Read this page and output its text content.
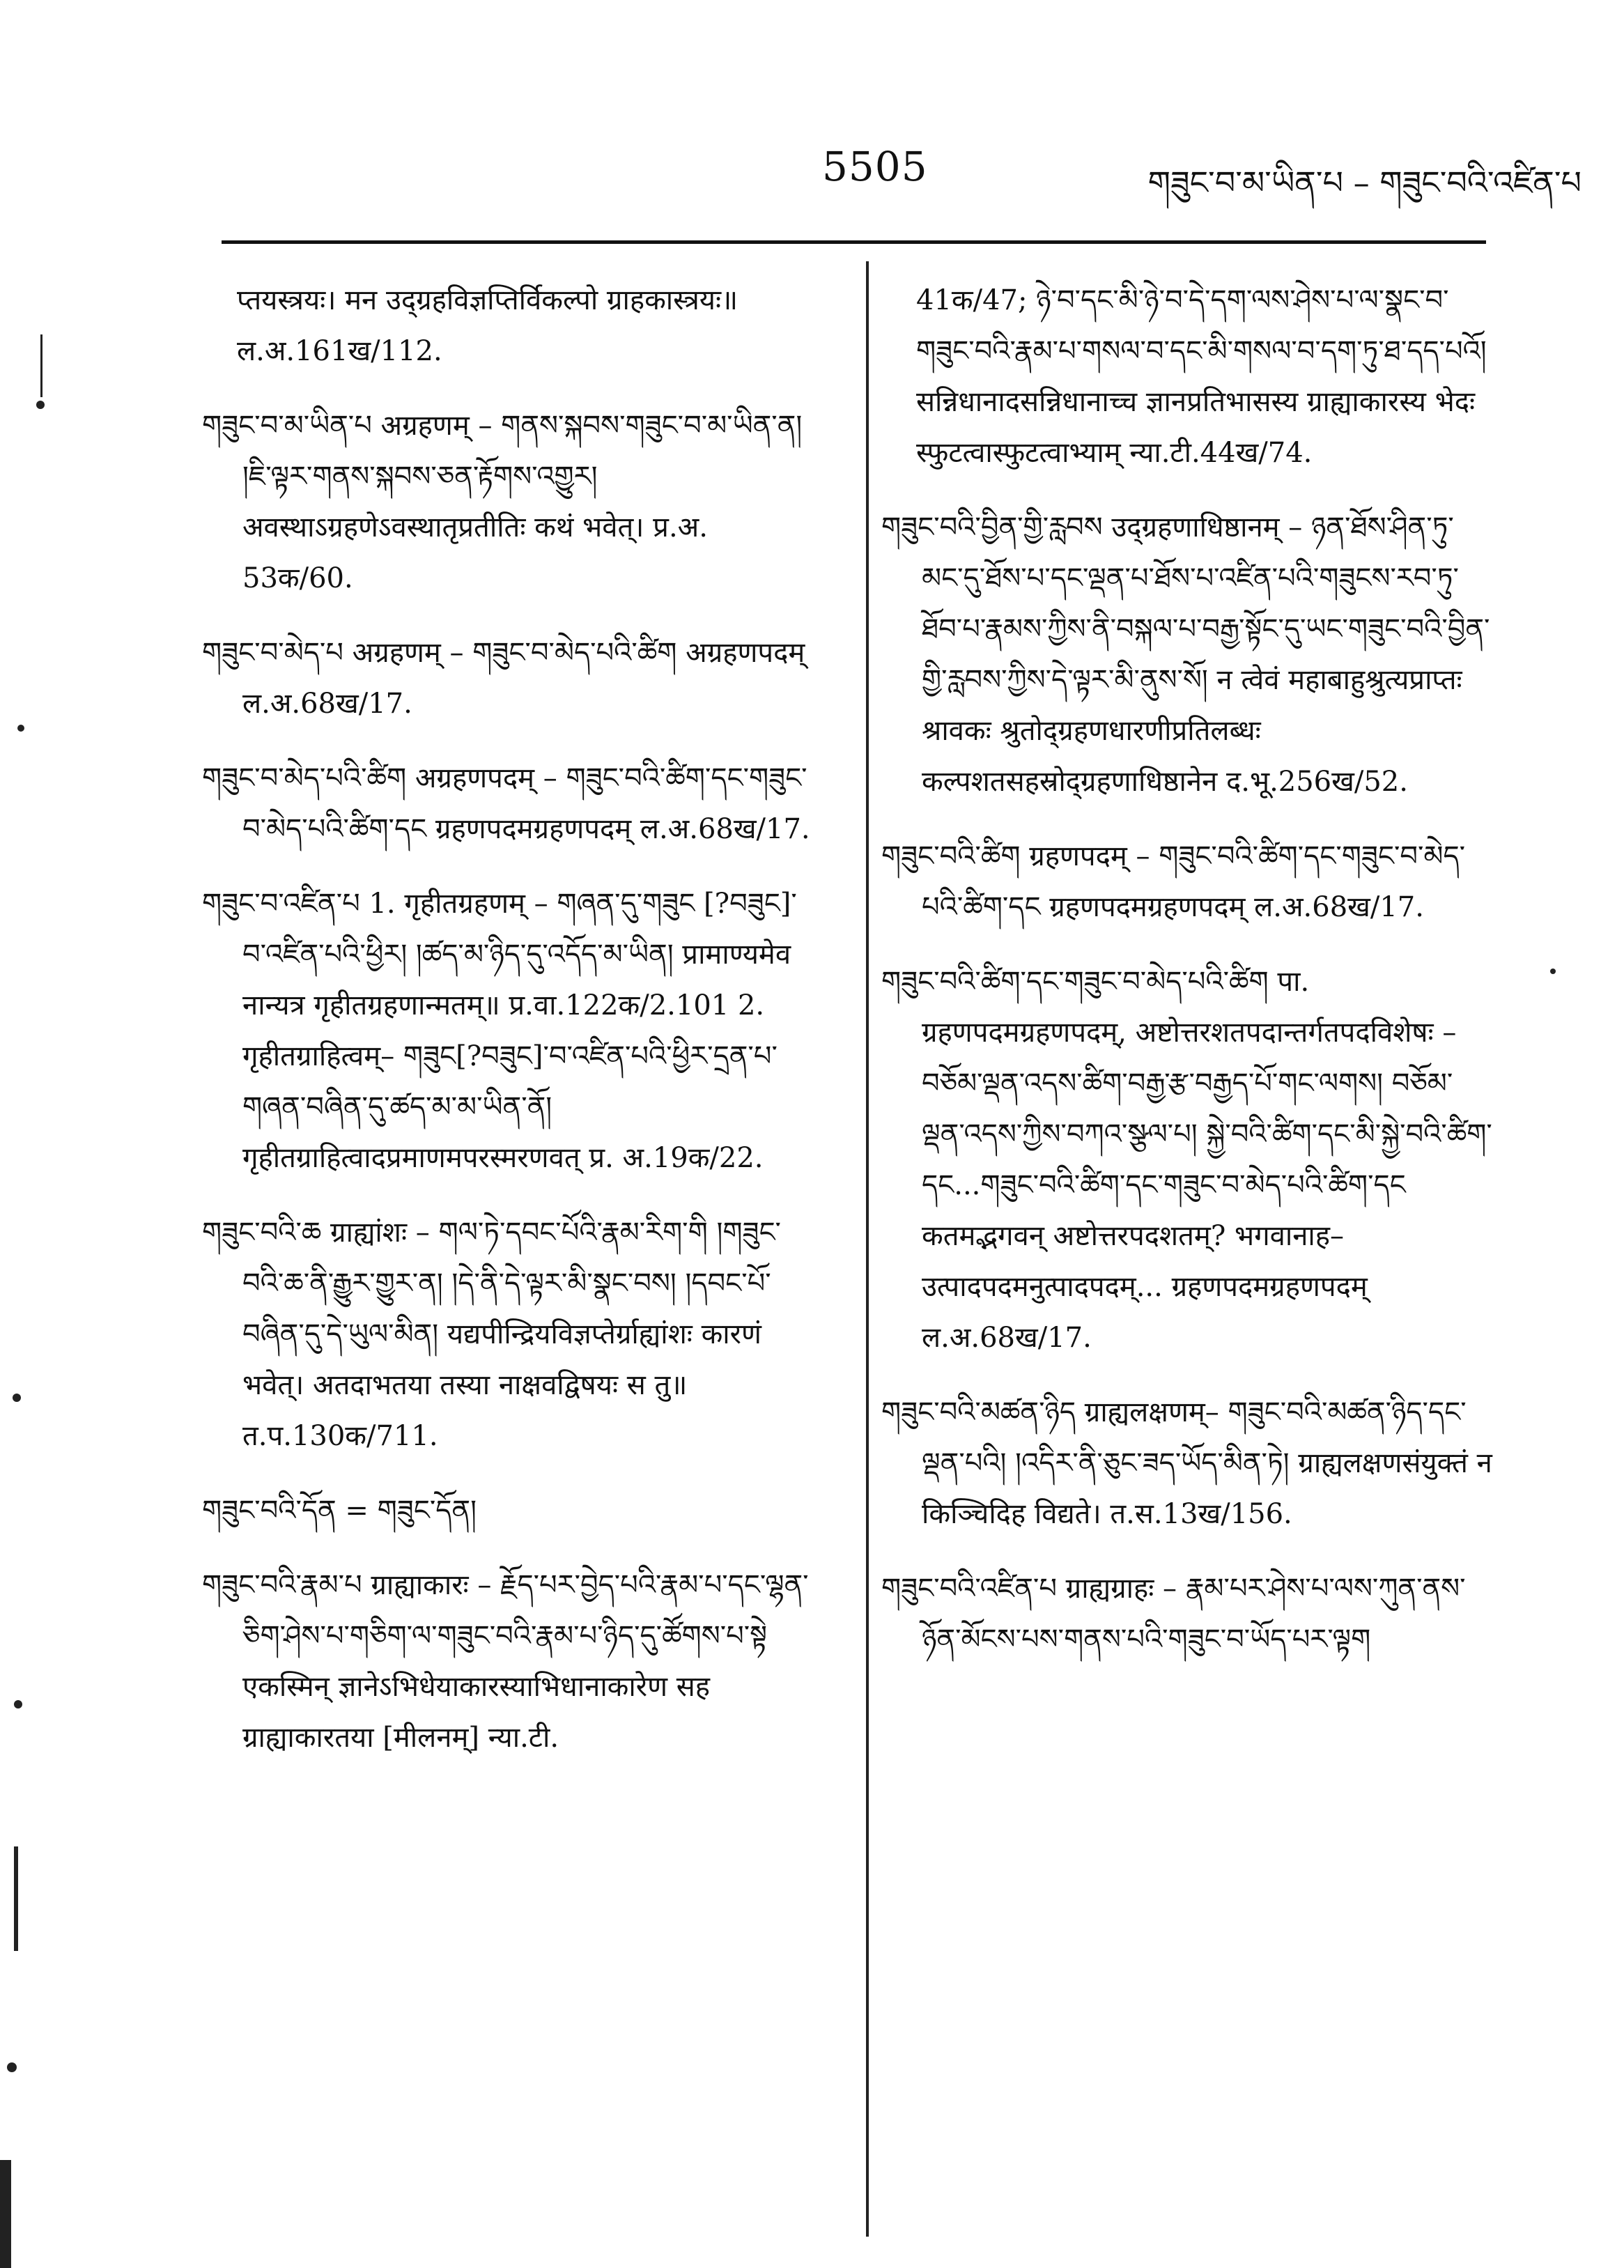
5505	གཟུང་བ་མ་ཡིན་པ – གཟུང་བའི་འཛིན་པ

प्तयस्त्रयः। मन उद्ग्रहविज्ञप्तिर्विकल्पो ग्राहकास्त्रयः॥ ल.अ.161ख/112.

གཟུང་བ་མ་ཡིན་པ अग्रहणम् – གནས་སྐབས་གཟུང་བ་མ་ཡིན་ན། །ཇི་ལྟར་གནས་སྐབས་ཅན་རྟོགས་འགྱུར། अवस्थाऽग्रहणेऽवस्थातृप्रतीतिः कथं भवेत्। प्र.अ. 53क/60.

གཟུང་བ་མེད་པ अग्रहणम् – གཟུང་བ་མེད་པའི་ཚིག अग्रहणपदम् ल.अ.68ख/17.

གཟུང་བ་མེད་པའི་ཚིག अग्रहणपदम् – གཟུང་བའི་ཚིག་དང་གཟུང་བ་མེད་པའི་ཚིག་དང ग्रहणपदमग्रहणपदम् ल.अ.68ख/17.

གཟུང་བ་འཛིན་པ 1. गृहीतग्रहणम् – གཞན་དུ་གཟུང [?བཟུང]་བ་འཛིན་པའི་ཕྱིར། །ཚད་མ་ཉིད་དུ་འདོད་མ་ཡིན། प्रामाण्यमेव नान्यत्र गृहीतग्रहणान्मतम्॥ प्र.वा.122क/2.101 2. गृहीतग्राहित्वम्– གཟུང[?བཟུང]་བ་འཛིན་པའི་ཕྱིར་དྲན་པ་གཞན་བཞིན་དུ་ཚད་མ་མ་ཡིན་ནོ། गृहीतग्राहित्वादप्रमाणमपरस्मरणवत् प्र. अ.19क/22.

གཟུང་བའི་ཆ ग्राह्यांशः – གལ་ཏེ་དབང་པོའི་རྣམ་རིག་གི །གཟུང་བའི་ཆ་ནི་རྒྱུར་གྱུར་ན། །དེ་ནི་དེ་ལྟར་མི་སྣང་བས། །དབང་པོ་བཞིན་དུ་དེ་ཡུལ་མིན། यद्यपीन्द्रियविज्ञप्तेर्ग्राह्यांशः कारणं भवेत्। अतदाभतया तस्या नाक्षवद्विषयः स तु॥ त.प.130क/711.

གཟུང་བའི་དོན = གཟུང་དོན།

གཟུང་བའི་རྣམ་པ ग्राह्याकारः – རྗོད་པར་བྱེད་པའི་རྣམ་པ་དང་ལྷན་ཅིག་ཤེས་པ་གཅིག་ལ་གཟུང་བའི་རྣམ་པ་ཉིད་དུ་ཚོགས་པ་སྟེ एकस्मिन् ज्ञानेऽभिधेयाकारस्याभिधानाकारेण सह ग्राह्याकारतया [मीलनम्] न्या.टी.

41क/47; ཉེ་བ་དང་མི་ཉེ་བ་དེ་དག་ལས་ཤེས་པ་ལ་སྣང་བ་གཟུང་བའི་རྣམ་པ་གསལ་བ་དང་མི་གསལ་བ་དག་ཏུ་ཐ་དད་པའོ། सन्निधानादसन्निधानाच्च ज्ञानप्रतिभासस्य ग्राह्याकारस्य भेदः स्फुटत्वास्फुटत्वाभ्याम् न्या.टी.44ख/74.

གཟུང་བའི་བྱིན་གྱི་རླབས उद्ग्रहणाधिष्ठानम् – ཉན་ཐོས་ཤིན་ཏུ་མང་དུ་ཐོས་པ་དང་ལྡན་པ་ཐོས་པ་འཛིན་པའི་གཟུངས་རབ་ཏུ་ཐོབ་པ་རྣམས་ཀྱིས་ནི་བསྐལ་པ་བརྒྱ་སྟོང་དུ་ཡང་གཟུང་བའི་བྱིན་གྱི་རླབས་ཀྱིས་དེ་ལྟར་མི་ནུས་སོ། न त्वेवं महाबाहुश्रुत्यप्राप्तः श्रावकः श्रुतोद्ग्रहणधारणीप्रतिलब्धः कल्पशतसहस्रोद्ग्रहणाधिष्ठानेन द.भू.256ख/52.

གཟུང་བའི་ཚིག ग्रहणपदम् – གཟུང་བའི་ཚིག་དང་གཟུང་བ་མེད་པའི་ཚིག་དང ग्रहणपदमग्रहणपदम् ल.अ.68ख/17.

གཟུང་བའི་ཚིག་དང་གཟུང་བ་མེད་པའི་ཚིག पा. ग्रहणपदमग्रहणपदम्, अष्टोत्तरशतपदान्तर्गतपदविशेषः – བཅོམ་ལྡན་འདས་ཚིག་བརྒྱ་རྩ་བརྒྱད་པོ་གང་ལགས། བཅོམ་ལྡན་འདས་ཀྱིས་བཀའ་སྩལ་པ། སྐྱེ་བའི་ཚིག་དང་མི་སྐྱེ་བའི་ཚིག་དང...གཟུང་བའི་ཚིག་དང་གཟུང་བ་མེད་པའི་ཚིག་དང कतमद्भगवन् अष्टोत्तरपदशतम्? भगवानाह–उत्पादपदमनुत्पादपदम्... ग्रहणपदमग्रहणपदम् ल.अ.68ख/17.

གཟུང་བའི་མཚན་ཉིད ग्राह्यलक्षणम्– གཟུང་བའི་མཚན་ཉིད་དང་ལྡན་པའི། །འདིར་ནི་ཅུང་ཟད་ཡོད་མིན་ཏེ། ग्राह्यलक्षणसंयुक्तं न किञ्चिदिह विद्यते। त.स.13ख/156.

གཟུང་བའི་འཛིན་པ ग्राह्यग्राहः – རྣམ་པར་ཤེས་པ་ལས་ཀུན་ནས་ཉོན་མོངས་པས་གནས་པའི་གཟུང་བ་ཡོད་པར་ལྟག
